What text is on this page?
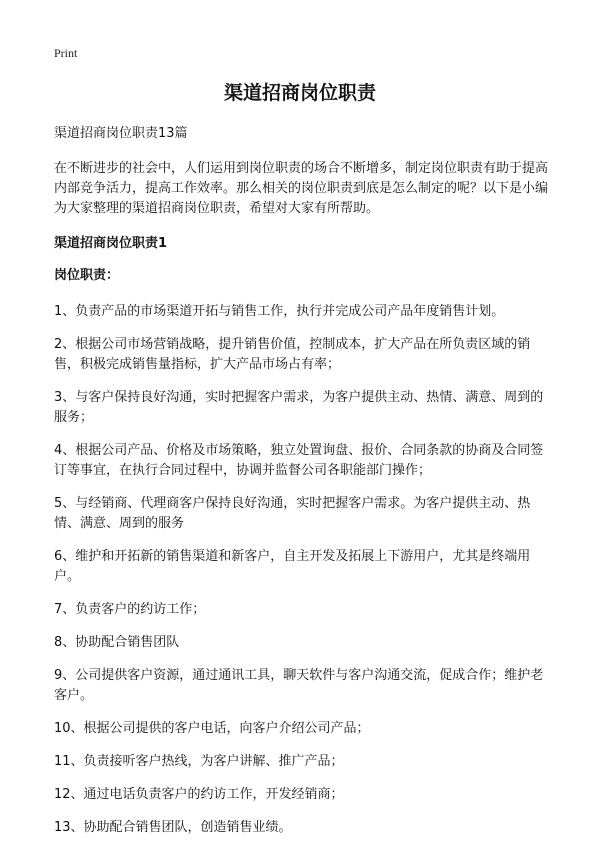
Print
渠道招商岗位职责

渠道招商岗位职责13篇

在不断进步的社会中，人们运用到岗位职责的场合不断增多，制定岗位职责有助于提高内部竞争活力，提高工作效率。那么相关的岗位职责到底是怎么制定的呢？以下是小编为大家整理的渠道招商岗位职责，希望对大家有所帮助。

渠道招商岗位职责1

岗位职责：

1、负责产品的市场渠道开拓与销售工作，执行并完成公司产品年度销售计划。
2、根据公司市场营销战略，提升销售价值，控制成本，扩大产品在所负责区域的销售，积极完成销售量指标，扩大产品市场占有率；
3、与客户保持良好沟通，实时把握客户需求，为客户提供主动、热情、满意、周到的服务；
4、根据公司产品、价格及市场策略，独立处置询盘、报价、合同条款的协商及合同签订等事宜，在执行合同过程中，协调并监督公司各职能部门操作；
5、与经销商、代理商客户保持良好沟通，实时把握客户需求。为客户提供主动、热情、满意、周到的服务
6、维护和开拓新的销售渠道和新客户，自主开发及拓展上下游用户，尤其是终端用户。
7、负责客户的约访工作；
8、协助配合销售团队
9、公司提供客户资源，通过通讯工具，聊天软件与客户沟通交流，促成合作；维护老客户。
10、根据公司提供的客户电话，向客户介绍公司产品；
11、负责接听客户热线，为客户讲解、推广产品；
12、通过电话负责客户的约访工作，开发经销商；
13、协助配合销售团队，创造销售业绩。
